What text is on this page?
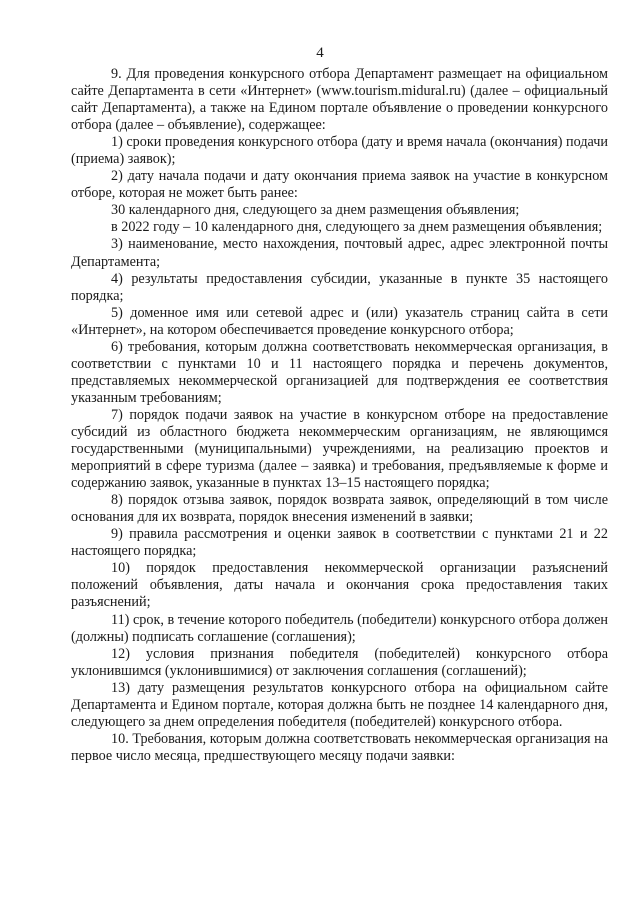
4

9. Для проведения конкурсного отбора Департамент размещает на официальном сайте Департамента в сети «Интернет» (www.tourism.midural.ru) (далее – официальный сайт Департамента), а также на Едином портале объявление о проведении конкурсного отбора (далее – объявление), содержащее:

1) сроки проведения конкурсного отбора (дату и время начала (окончания) подачи (приема) заявок);

2) дату начала подачи и дату окончания приема заявок на участие в конкурсном отборе, которая не может быть ранее:

30 календарного дня, следующего за днем размещения объявления;

в 2022 году – 10 календарного дня, следующего за днем размещения объявления;

3) наименование, место нахождения, почтовый адрес, адрес электронной почты Департамента;

4) результаты предоставления субсидии, указанные в пункте 35 настоящего порядка;

5) доменное имя или сетевой адрес и (или) указатель страниц сайта в сети «Интернет», на котором обеспечивается проведение конкурсного отбора;

6) требования, которым должна соответствовать некоммерческая организация, в соответствии с пунктами 10 и 11 настоящего порядка и перечень документов, представляемых некоммерческой организацией для подтверждения ее соответствия указанным требованиям;

7) порядок подачи заявок на участие в конкурсном отборе на предоставление субсидий из областного бюджета некоммерческим организациям, не являющимся государственными (муниципальными) учреждениями, на реализацию проектов и мероприятий в сфере туризма (далее – заявка) и требования, предъявляемые к форме и содержанию заявок, указанные в пунктах 13–15 настоящего порядка;

8) порядок отзыва заявок, порядок возврата заявок, определяющий в том числе основания для их возврата, порядок внесения изменений в заявки;

9) правила рассмотрения и оценки заявок в соответствии с пунктами 21 и 22 настоящего порядка;

10) порядок предоставления некоммерческой организации разъяснений положений объявления, даты начала и окончания срока предоставления таких разъяснений;

11) срок, в течение которого победитель (победители) конкурсного отбора должен (должны) подписать соглашение (соглашения);

12) условия признания победителя (победителей) конкурсного отбора уклонившимся (уклонившимися) от заключения соглашения (соглашений);

13) дату размещения результатов конкурсного отбора на официальном сайте Департамента и Едином портале, которая должна быть не позднее 14 календарного дня, следующего за днем определения победителя (победителей) конкурсного отбора.

10. Требования, которым должна соответствовать некоммерческая организация на первое число месяца, предшествующего месяцу подачи заявки:
